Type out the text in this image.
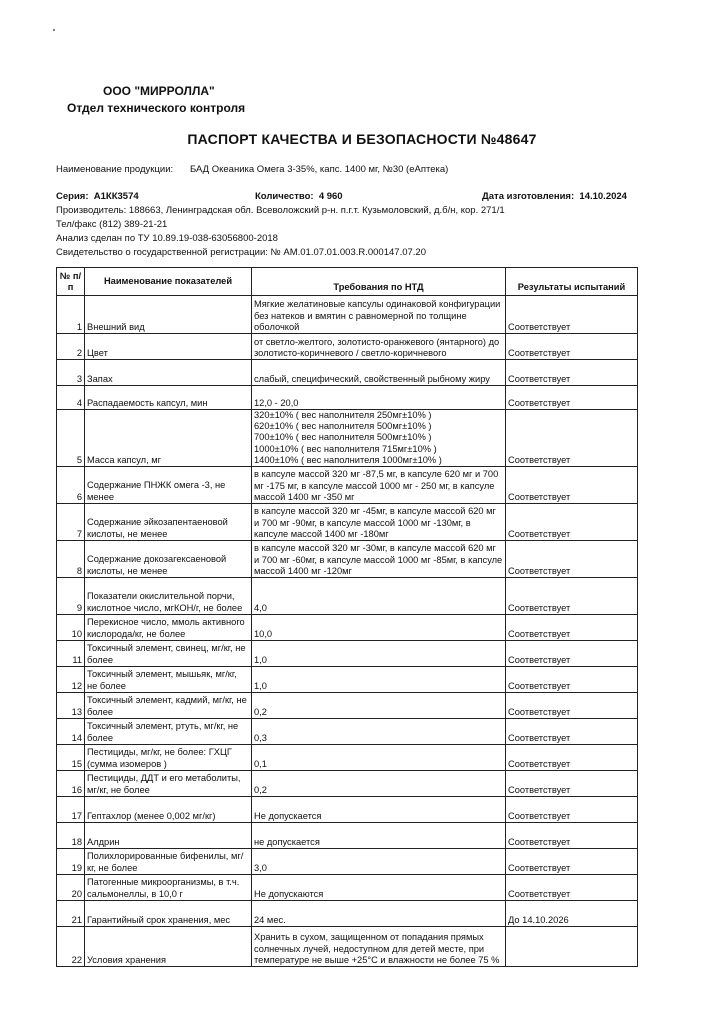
ООО "МИРРОЛЛА"
Отдел технического контроля
ПАСПОРТ КАЧЕСТВА И БЕЗОПАСНОСТИ №48647
Наименование продукции: БАД Океаника Омега 3-35%, капс. 1400 мг, №30 (еАптека)
Серия: А1КК3574	Количество: 4 960	Дата изготовления: 14.10.2024
Производитель: 188663, Ленинградская обл. Всеволожский р-н. п.г.т. Кузьмоловский, д.б/н, кор. 271/1
Тел/факс (812) 389-21-21
Анализ сделан по ТУ 10.89.19-038-63056800-2018
Свидетельство о государственной регистрации: № АМ.01.07.01.003.R.000147.07.20
№ п/п	Наименование показателей	Требования по НТД	Результаты испытаний
1	Внешний вид	Мягкие желатиновые капсулы одинаковой конфигурации без натеков и вмятин с равномерной по толщине оболочкой	Соответствует
2	Цвет	от светло-желтого, золотисто-оранжевого (янтарного) до золотисто-коричневого / светло-коричневого	Соответствует
3	Запах	слабый, специфический, свойственный рыбному жиру	Соответствует
4	Распадаемость капсул, мин	12,0 - 20,0	Соответствует
5	Масса капсул, мг	320±10% ( вес наполнителя 250мг±10% )
620±10% ( вес наполнителя 500мг±10% )
700±10% ( вес наполнителя 500мг±10% )
1000±10% ( вес наполнителя 715мг±10% )
1400±10% ( вес наполнителя 1000мг±10% )	Соответствует
6	Содержание ПНЖК омега -3, не менее	в капсуле массой 320 мг -87,5 мг, в капсуле 620 мг и 700 мг -175 мг, в капсуле массой 1000 мг - 250 мг, в капсуле массой 1400 мг -350 мг	Соответствует
7	Содержание эйкозапентаеновой кислоты, не менее	в капсуле массой 320 мг -45мг, в капсуле массой 620 мг и 700 мг -90мг, в капсуле массой 1000 мг -130мг, в капсуле массой 1400 мг -180мг	Соответствует
8	Содержание докозагексаеновой кислоты, не менее	в капсуле массой 320 мг -30мг, в капсуле массой 620 мг и 700 мг -60мг, в капсуле массой 1000 мг -85мг, в капсуле массой 1400 мг -120мг	Соответствует
9	Показатели окислительной порчи, кислотное число, мгКОН/г, не более	4,0	Соответствует
10	Перекисное число, ммоль активного кислорода/кг, не более	10,0	Соответствует
11	Токсичный элемент, свинец, мг/кг, не более	1,0	Соответствует
12	Токсичный элемент, мышьяк, мг/кг, не более	1,0	Соответствует
13	Токсичный элемент, кадмий, мг/кг, не более	0,2	Соответствует
14	Токсичный элемент, ртуть, мг/кг, не более	0,3	Соответствует
15	Пестициды, мг/кг, не более: ГХЦГ (сумма изомеров )	0,1	Соответствует
16	Пестициды, ДДТ и его метаболиты, мг/кг, не более	0,2	Соответствует
17	Гептахлор (менее 0,002 мг/кг)	Не допускается	Соответствует
18	Алдрин	не допускается	Соответствует
19	Полихлорированные бифенилы, мг/кг, не более	3,0	Соответствует
20	Патогенные микроорганизмы, в т.ч. сальмонеллы, в 10,0 г	Не допускаются	Соответствует
21	Гарантийный срок хранения, мес	24 мес.	До 14.10.2026
22	Условия хранения	Хранить в сухом, защищенном от попадания прямых солнечных лучей, недоступном для детей месте, при температуре не выше +25°С и влажности не более 75 %	
